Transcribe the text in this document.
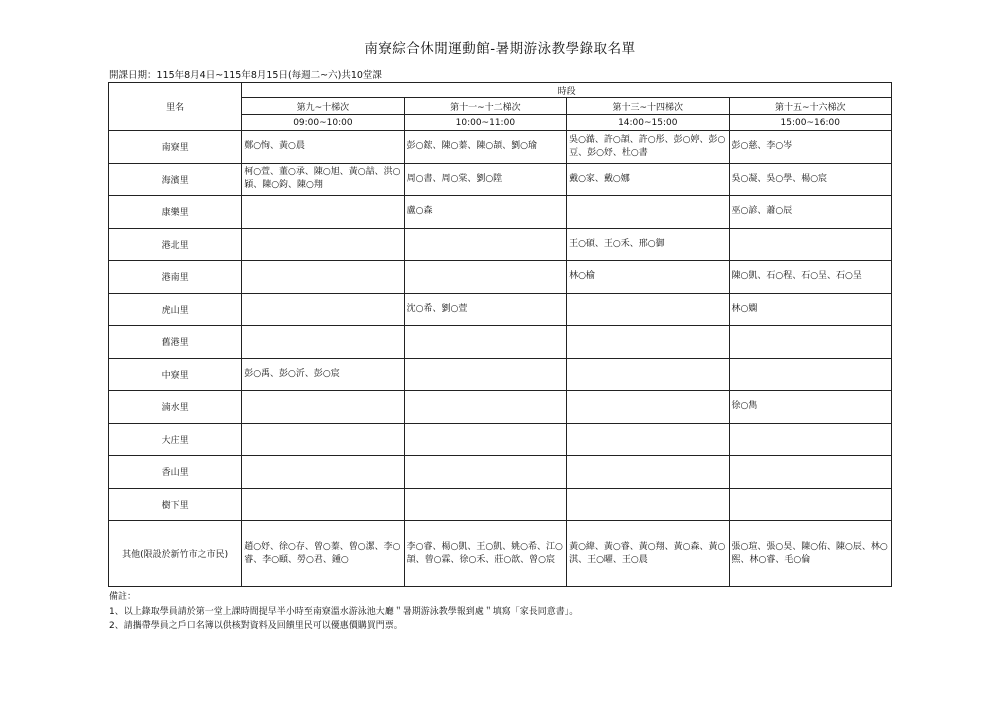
南寮綜合休閒運動館-暑期游泳教學錄取名單
開課日期：115年8月4日~115年8月15日(每週二~六)共10堂課
里名	時段			
	第九~十梯次	第十一~十二梯次	第十三~十四梯次	第十五~十六梯次
	09:00~10:00	10:00~11:00	14:00~15:00	15:00~16:00
南寮里	鄭○恂、黃○晨	彭○鋐、陳○蓁、陳○頡、劉○瑜	吳○澔、許○頡、許○彤、彭○婷、彭○豆、彭○妤、杜○書	彭○慈、李○岑
海濱里	柯○萱、董○承、陳○旭、黃○喆、洪○穎、陳○鈞、陳○翔	周○書、周○棠、劉○陞	戴○家、戴○娜	吳○凝、吳○學、楊○宸
康樂里		盧○森		巫○諺、蕭○辰
港北里			王○碩、王○禾、邢○御	
港南里			林○榆	陳○凱、石○程、石○呈、石○呈
虎山里		沈○希、劉○萱		林○嫻
舊港里				
中寮里	彭○禹、彭○沂、彭○宸			
湳水里				徐○雋
大庄里				
香山里				
樹下里				
其他(限設於新竹市之市民)	趙○妤、徐○存、曾○蓁、曾○潔、李○睿、李○頤、勞○君、鍾○	李○睿、楊○凱、王○凱、姚○希、江○頡、曾○霖、徐○禾、莊○歆、曾○宸	黃○緯、黃○睿、黃○翔、黃○森、黃○淇、王○曜、王○晨	張○瑄、張○昊、陳○佑、陳○辰、林○熙、林○睿、毛○倫
備註：
1、以上錄取學員請於第一堂上課時間提早半小時至南寮溫水游泳池大廳＂暑期游泳教學報到處＂填寫「家長同意書」。
2、請攜帶學員之戶口名簿以供核對資料及回饋里民可以優惠價購買門票。
